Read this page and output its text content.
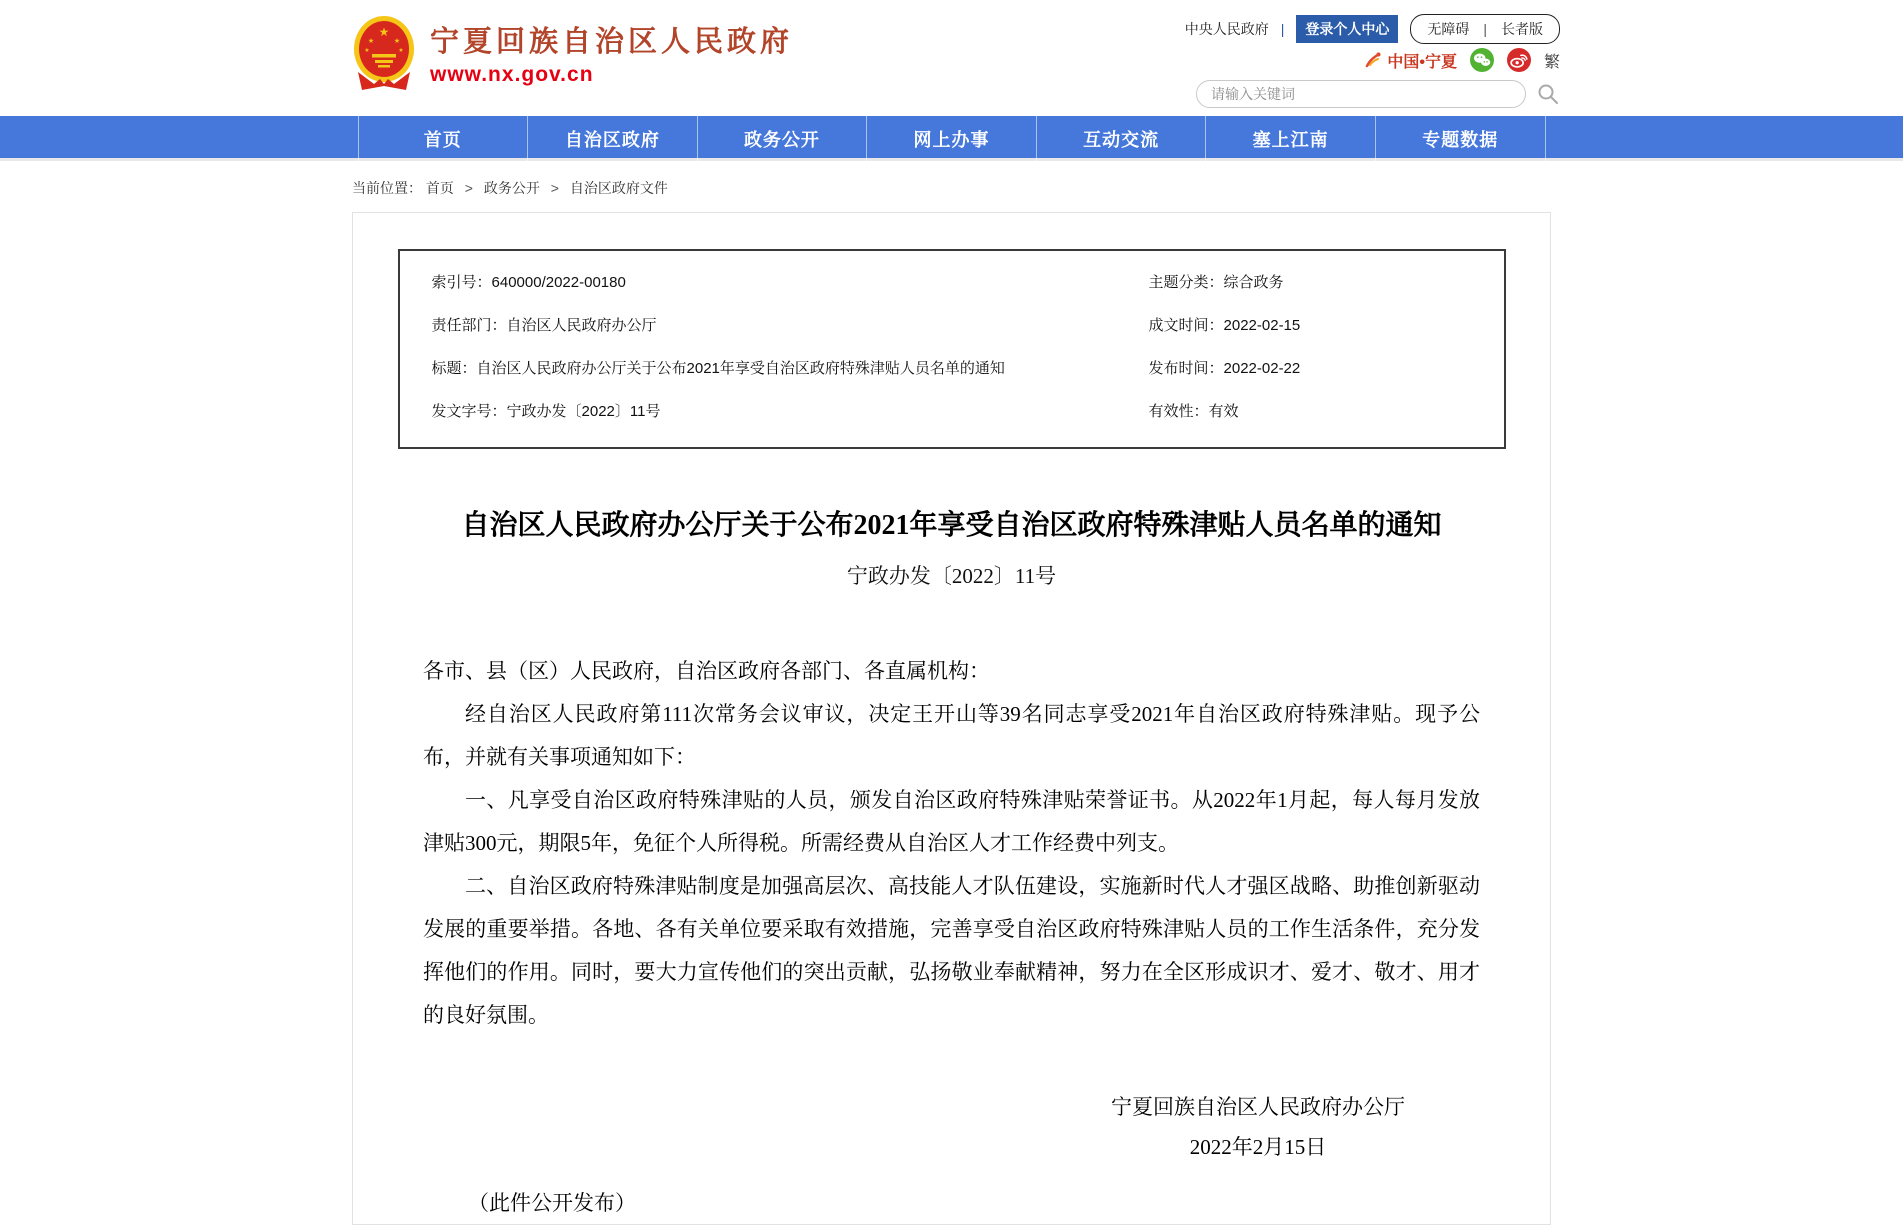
★
★	★
★	★ 宁夏回族自治区人民政府
www.nx.gov.cn
中央人民政府 |	登录个人中心	无障碍 | 长者版
中国•宁夏	繁
请输入关键词
首页	自治区政府	政务公开	网上办事	互动交流	塞上江南	专题数据
当前位置： 首页 > 政务公开 > 自治区政府文件
索引号：640000/2022-00180	主题分类：综合政务
责任部门：自治区人民政府办公厅	成文时间：2022-02-15
标题：自治区人民政府办公厅关于公布2021年享受自治区政府特殊津贴人员名单的通知	发布时间：2022-02-22
发文字号：宁政办发〔2022〕11号	有效性：有效
自治区人民政府办公厅关于公布2021年享受自治区政府特殊津贴人员名单的通知
宁政办发〔2022〕11号

各市、县（区）人民政府，自治区政府各部门、各直属机构：

经自治区人民政府第111次常务会议审议，决定王开山等39名同志享受2021年自治区政府特殊津贴。现予公布，并就有关事项通知如下：

一、凡享受自治区政府特殊津贴的人员，颁发自治区政府特殊津贴荣誉证书。从2022年1月起，每人每月发放津贴300元，期限5年，免征个人所得税。所需经费从自治区人才工作经费中列支。

二、自治区政府特殊津贴制度是加强高层次、高技能人才队伍建设，实施新时代人才强区战略、助推创新驱动发展的重要举措。各地、各有关单位要采取有效措施，完善享受自治区政府特殊津贴人员的工作生活条件，充分发挥他们的作用。同时，要大力宣传他们的突出贡献，弘扬敬业奉献精神，努力在全区形成识才、爱才、敬才、用才的良好氛围。

宁夏回族自治区人民政府办公厅
2022年2月15日
（此件公开发布）
